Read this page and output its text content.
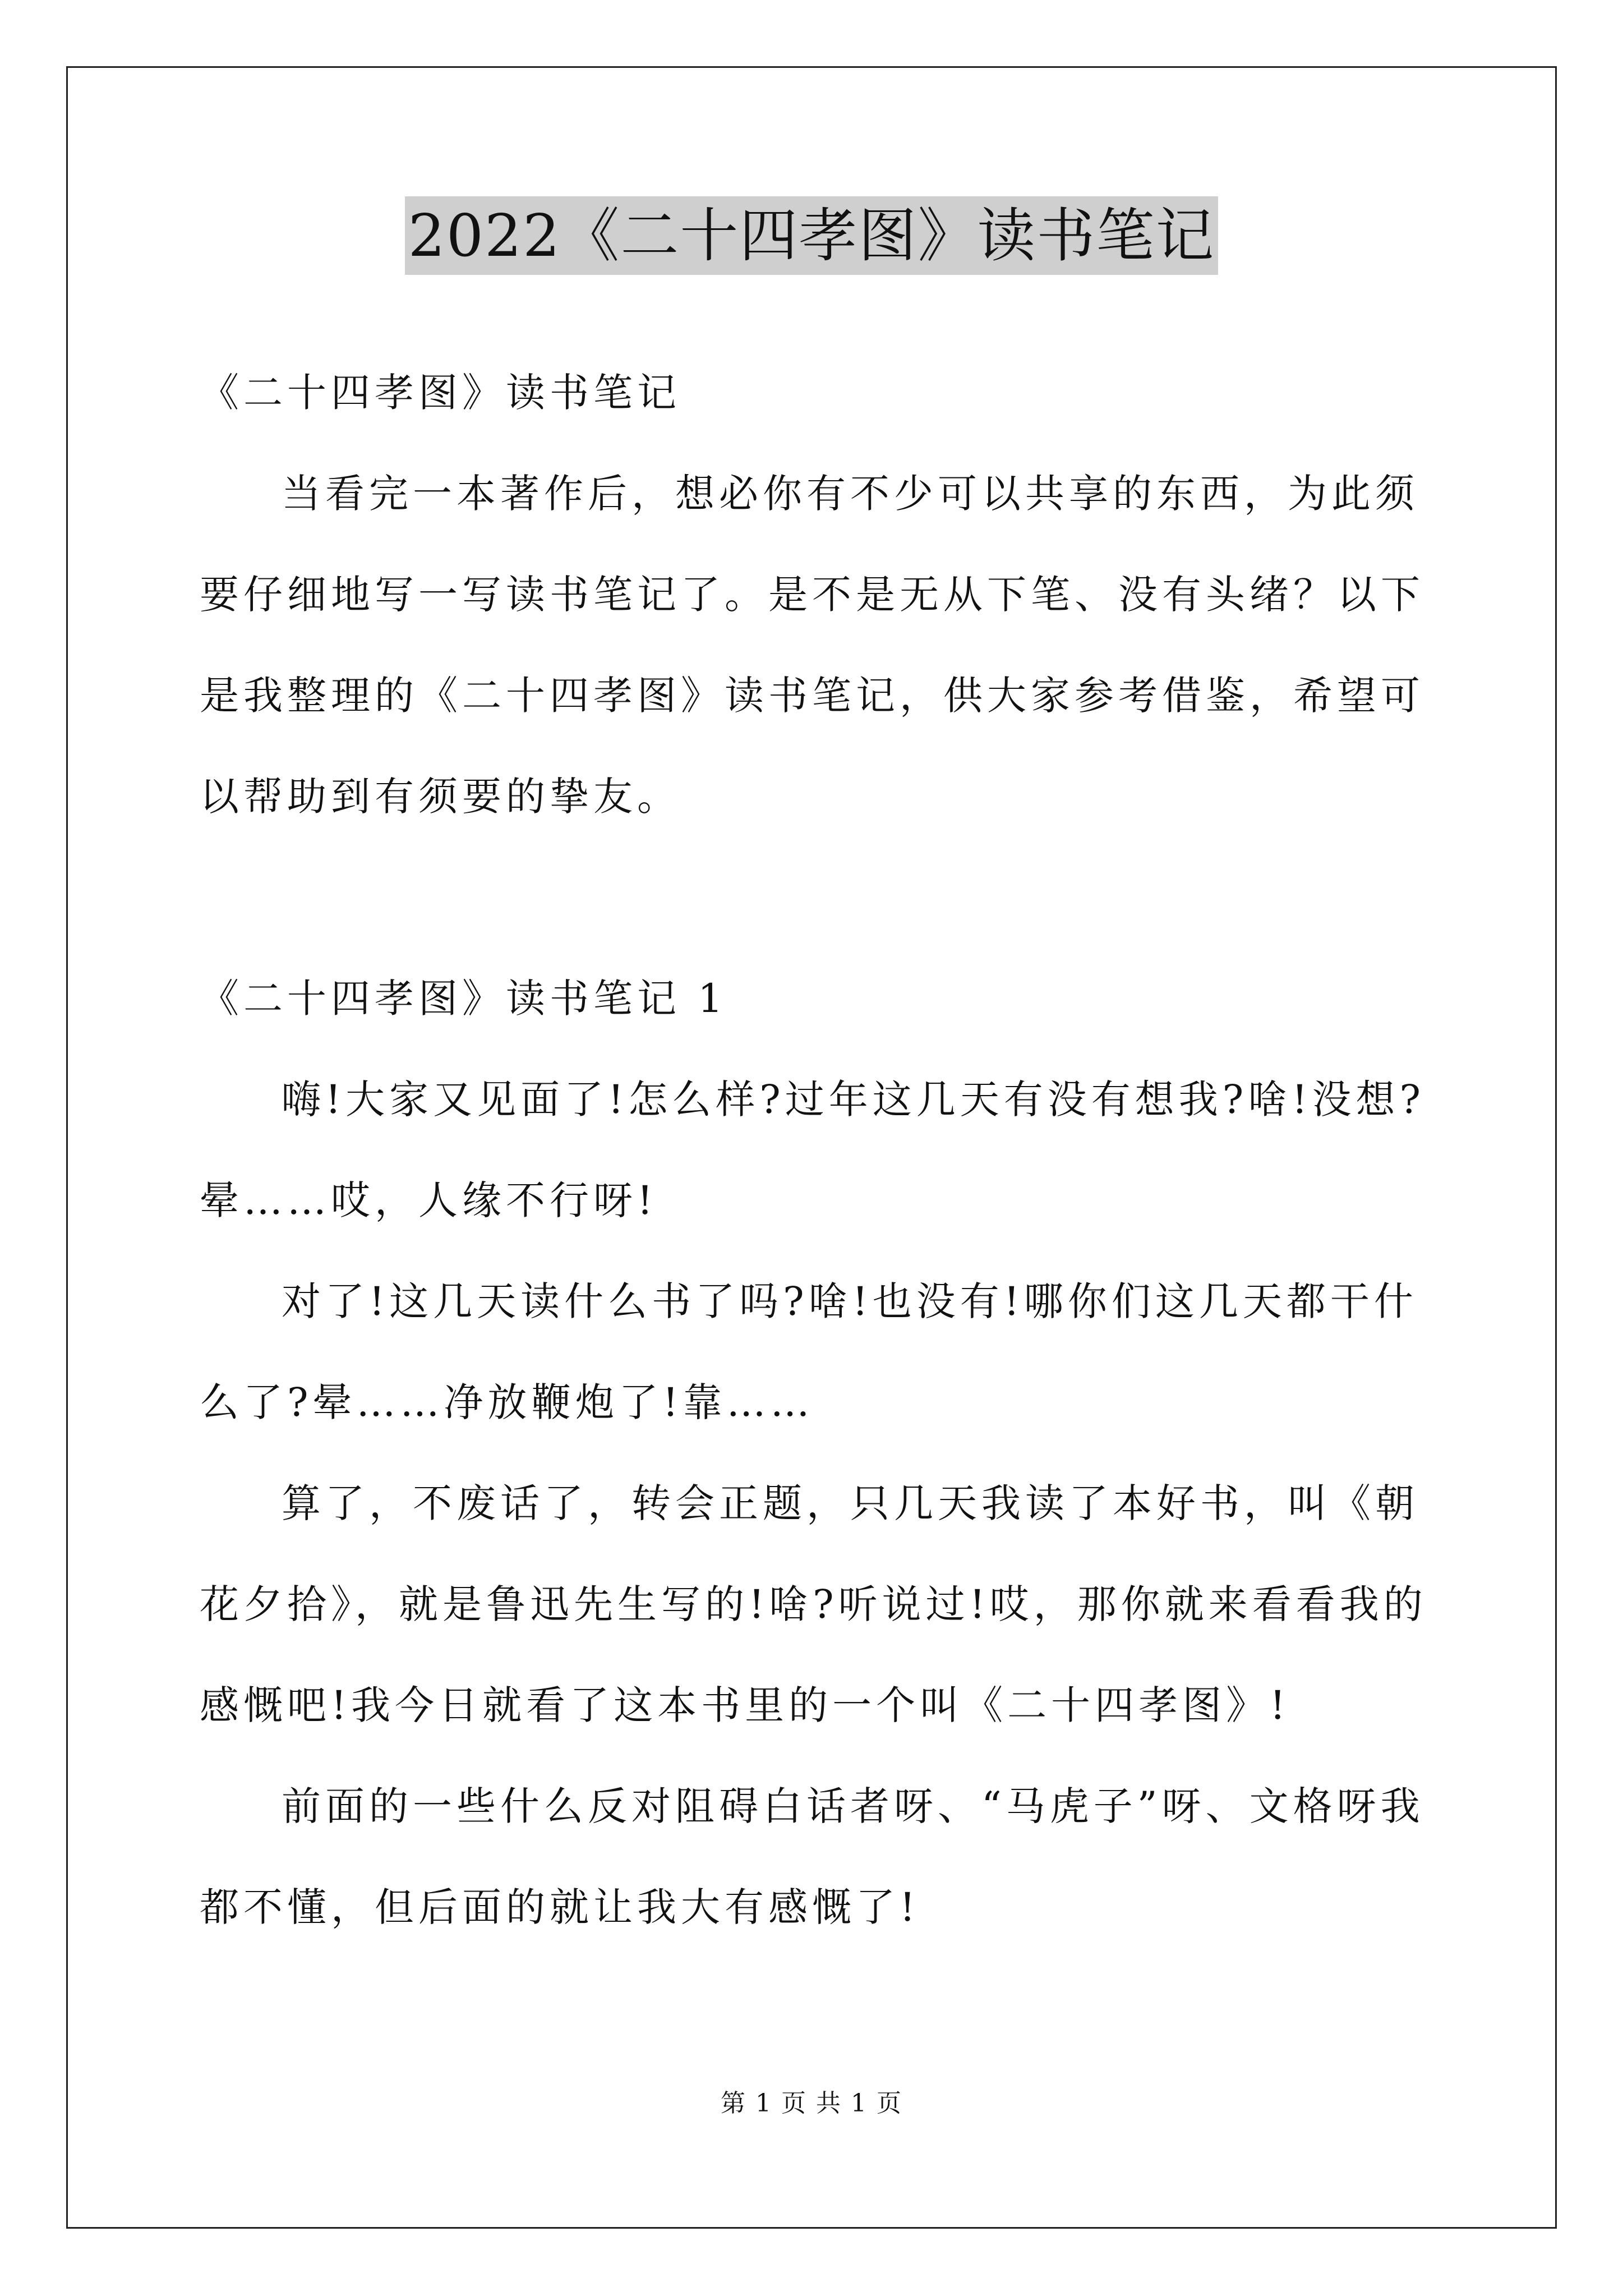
2022《二十四孝图》读书笔记

《二十四孝图》读书笔记

当看完一本著作后，想必你有不少可以共享的东西，为此须要仔细地写一写读书笔记了。是不是无从下笔、没有头绪？以下是我整理的《二十四孝图》读书笔记，供大家参考借鉴，希望可以帮助到有须要的挚友。

《二十四孝图》读书笔记 1

嗨!大家又见面了!怎么样?过年这几天有没有想我?啥!没想?晕……哎，人缘不行呀!

对了!这几天读什么书了吗?啥!也没有!哪你们这几天都干什么了?晕……净放鞭炮了!靠……

算了，不废话了，转会正题，只几天我读了本好书，叫《朝花夕拾》，就是鲁迅先生写的!啥?听说过!哎，那你就来看看我的感慨吧!我今日就看了这本书里的一个叫《二十四孝图》!

前面的一些什么反对阻碍白话者呀、“马虎子”呀、文格呀我都不懂，但后面的就让我大有感慨了!

第 1 页 共 1 页
